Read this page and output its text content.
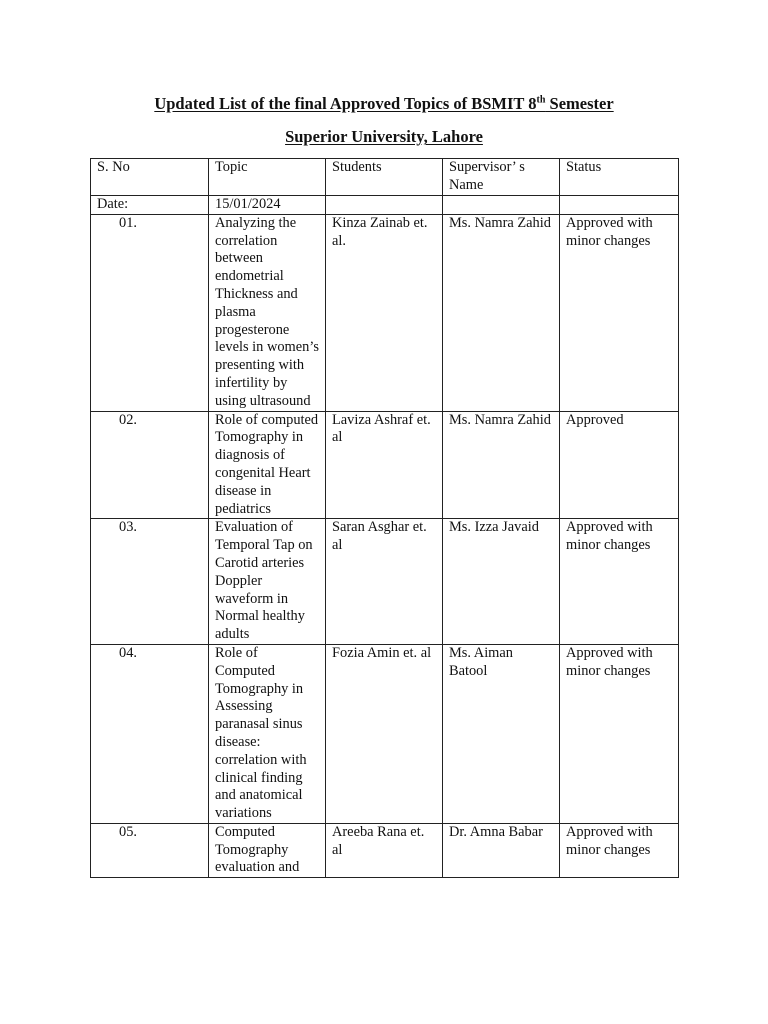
Updated List of the final Approved Topics of BSMIT 8th Semester
Superior University, Lahore
S. No	Topic	Students	Supervisor’ s Name	Status
Date:	15/01/2024			
01.	Analyzing the correlation between endometrial Thickness and plasma progesterone levels in women’s presenting with infertility by using ultrasound	Kinza Zainab et. al.	Ms. Namra Zahid	Approved with minor changes
02.	Role of computed Tomography in diagnosis of congenital Heart disease in pediatrics	Laviza Ashraf et. al	Ms. Namra Zahid	Approved
03.	Evaluation of Temporal Tap on Carotid arteries Doppler waveform in Normal healthy adults	Saran Asghar et. al	Ms. Izza Javaid	Approved with minor changes
04.	Role of Computed Tomography in Assessing paranasal sinus disease: correlation with clinical finding and anatomical variations	Fozia Amin et. al	Ms. Aiman Batool	Approved with minor changes
05.	Computed Tomography evaluation and	Areeba Rana et. al	Dr. Amna Babar	Approved with minor changes
